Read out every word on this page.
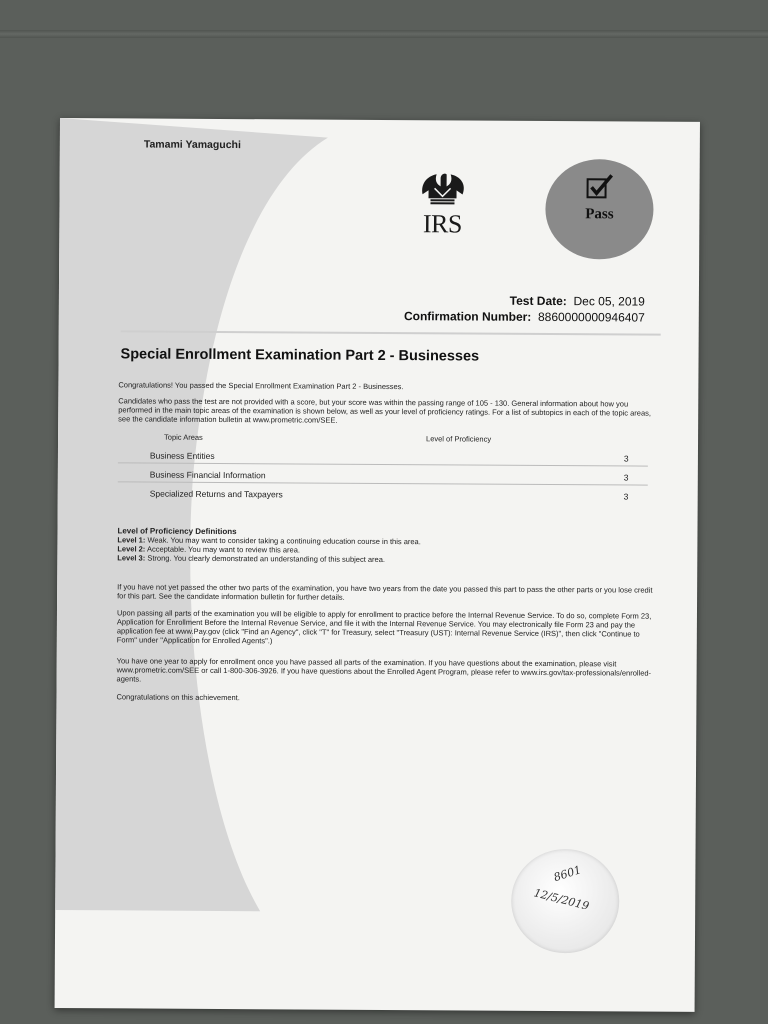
Tamami Yamaguchi
IRS	Pass
Test Date: Dec 05, 2019
Confirmation Number: 8860000000946407
Special Enrollment Examination Part 2 - Businesses
Congratulations! You passed the Special Enrollment Examination Part 2 - Businesses.
Candidates who pass the test are not provided with a score, but your score was within the passing range of 105 - 130. General information about how you performed in the main topic areas of the examination is shown below, as well as your level of proficiency ratings. For a list of subtopics in each of the topic areas, see the candidate information bulletin at www.prometric.com/SEE.
Topic Areas	Level of Proficiency
Business Entities	3
Business Financial Information	3
Specialized Returns and Taxpayers	3
Level of Proficiency Definitions
Level 1: Weak. You may want to consider taking a continuing education course in this area.
Level 2: Acceptable. You may want to review this area.
Level 3: Strong. You clearly demonstrated an understanding of this subject area.
If you have not yet passed the other two parts of the examination, you have two years from the date you passed this part to pass the other parts or you lose credit for this part. See the candidate information bulletin for further details.
Upon passing all parts of the examination you will be eligible to apply for enrollment to practice before the Internal Revenue Service. To do so, complete Form 23, Application for Enrollment Before the Internal Revenue Service, and file it with the Internal Revenue Service. You may electronically file Form 23 and pay the application fee at www.Pay.gov (click "Find an Agency", click "T" for Treasury, select "Treasury (UST): Internal Revenue Service (IRS)", then click "Continue to Form" under "Application for Enrolled Agents".)
You have one year to apply for enrollment once you have passed all parts of the examination. If you have questions about the examination, please visit www.prometric.com/SEE or call 1-800-306-3926. If you have questions about the Enrolled Agent Program, please refer to www.irs.gov/tax-professionals/enrolled-agents.
Congratulations on this achievement.
8601
12/5/2019
